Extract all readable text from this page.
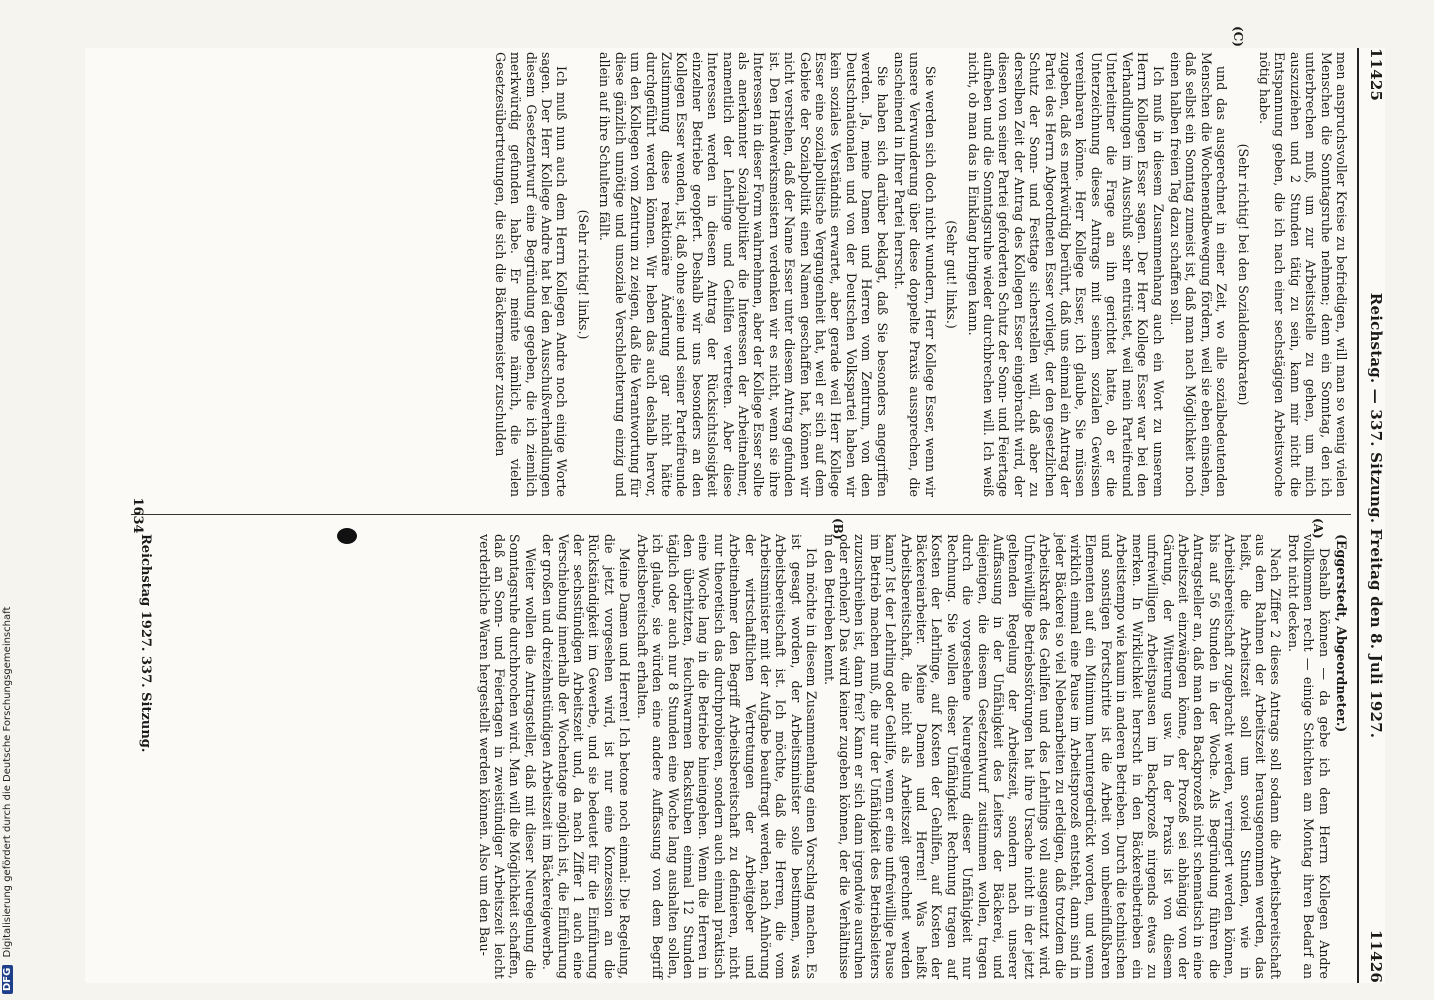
11425
Reichstag. — 337. Sitzung. Freitag den 8. Juli 1927.
11426
(C)
(A)
(B)

men anspruchsvoller Kreise zu befriedigen, will man so wenig vielen Menschen die Sonntagsruhe nehmen; denn ein Sonntag, den ich unterbrechen muß, um zur Arbeitsstelle zu gehen, um mich auszuziehen und 2 Stunden tätig zu sein, kann mir nicht die Entspannung geben, die ich nach einer sechstägigen Arbeitswoche nötig habe.

(Sehr richtig! bei den Sozialdemokraten)

und das ausgerechnet in einer Zeit, wo alle sozialbedeutenden Menschen die Wochenendbewegung fördern, weil sie eben einsehen, daß selbst ein Sonntag zumeist ist, daß man nach Möglichkeit noch einen halben freien Tag dazu schaffen soll.

Ich muß in diesem Zusammenhang auch ein Wort zu unserem Herrn Kollegen Esser sagen. Der Herr Kollege Esser war bei den Verhandlungen im Ausschuß sehr entrüstet, weil mein Parteifreund Unterleitner die Frage an ihn gerichtet hatte, ob er die Unterzeichnung dieses Antrags mit seinem sozialen Gewissen vereinbaren könne. Herr Kollege Esser, ich glaube, Sie müssen zugeben, daß es merkwürdig berührt, daß uns einmal ein Antrag der Partei des Herrn Abgeordneten Esser vorliegt, der den gesetzlichen Schutz der Sonn- und Festtage sicherstellen will, daß aber zu derselben Zeit der Antrag des Kollegen Esser eingebracht wird, der diesen von seiner Partei geforderten Schutz der Sonn- und Feiertage aufheben und die Sonntagsruhe wieder durchbrechen will. Ich weiß nicht, ob man das in Einklang bringen kann.

(Sehr gut! links.)

Sie werden sich doch nicht wundern, Herr Kollege Esser, wenn wir unsere Verwunderung über diese doppelte Praxis aussprechen, die anscheinend in Ihrer Partei herrscht.

Sie haben sich darüber beklagt, daß Sie besonders angegriffen werden. Ja, meine Damen und Herren vom Zentrum, von den Deutschnationalen und von der Deutschen Volkspartei haben wir kein soziales Verständnis erwartet, aber gerade weil Herr Kollege Esser eine sozialpolitische Vergangenheit hat, weil er sich auf dem Gebiete der Sozialpolitik einen Namen geschaffen hat, können wir nicht verstehen, daß der Name Esser unter diesem Antrag gefunden ist. Den Handwerksmeistern verdenken wir es nicht, wenn sie ihre Interessen in dieser Form wahrnehmen, aber der Kollege Esser sollte als anerkannter Sozialpolitiker die Interessen der Arbeitnehmer, namentlich der Lehrlinge und Gehilfen vertreten. Aber diese Interessen werden in diesem Antrag der Rücksichtslosigkeit einzelner Betriebe geopfert. Deshalb wir uns besonders an den Kollegen Esser wenden, ist, daß ohne seine und seiner Parteifreunde Zustimmung diese reaktionäre Änderung gar nicht hätte durchgeführt werden können. Wir heben das auch deshalb hervor, um den Kollegen vom Zentrum zu zeigen, daß die Verantwortung für diese gänzlich unnötige und unsoziale Verschlechterung einzig und allein auf ihre Schultern fällt.

(Sehr richtig! links.)

Ich muß nun auch dem Herrn Kollegen Andre noch einige Worte sagen. Der Herr Kollege Andre hat bei den Ausschußverhandlungen diesem Gesetzentwurf eine Begründung gegeben, die ich ziemlich merkwürdig gefunden habe. Er meinte nämlich, die vielen Gesetzesübertretungen, die sich die Bäckermeister zuschulden

(Eggerstedt, Abgeordneter.)

Deshalb können — da gebe ich dem Herrn Kollegen Andre vollkommen recht — einige Schichten am Montag ihren Bedarf an Brot nicht decken.

Nach Ziffer 2 dieses Antrags soll sodann die Arbeitsbereitschaft aus dem Rahmen der Arbeitszeit herausgenommen werden, das heißt, die Arbeitszeit soll um soviel Stunden, wie in Arbeitsbereitschaft zugebracht werden, verringert werden können, bis auf 56 Stunden in der Woche. Als Begründung führen die Antragsteller an, daß man den Backprozeß nicht schematisch in eine Arbeitszeit einzwängen könne, der Prozeß sei abhängig von der Gärung, der Witterung usw. In der Praxis ist von diesem unfreiwilligen Arbeitspausen im Backprozeß nirgends etwas zu merken. In Wirklichkeit herrscht in den Bäckereibetrieben ein Arbeitstempo wie kaum in anderen Betrieben. Durch die technischen und sonstigen Fortschritte ist die Arbeit von unbeeinflußbaren Elementen auf ein Minimum heruntergedrückt worden, und wenn wirklich einmal eine Pause im Arbeitsprozeß entsteht, dann sind in jeder Bäckerei so viel Nebenarbeiten zu erledigen, daß trotzdem die Arbeitskraft des Gehilfen und des Lehrlings voll ausgenutzt wird. Unfreiwillige Betriebsstörungen hat ihre Ursache nicht in der jetzt geltenden Regelung der Arbeitszeit, sondern nach unserer Auffassung in der Unfähigkeit des Leiters der Bäckerei, und diejenigen, die diesem Gesetzentwurf zustimmen wollen, tragen durch die vorgesehene Neuregelung dieser Unfähigkeit nur Rechnung. Sie wollen dieser Unfähigkeit Rechnung tragen auf Kosten der Lehrlinge, auf Kosten der Gehilfen, auf Kosten der Bäckereiarbeiter. Meine Damen und Herren! Was heißt Arbeitsbereitschaft, die nicht als Arbeitszeit gerechnet werden kann? Ist der Lehrling oder Gehilfe, wenn er eine unfreiwillige Pause im Betrieb machen muß, die nur der Unfähigkeit des Betriebsleiters zuzuschreiben ist, dann frei? Kann er sich dann irgendwie ausruhen oder erholen? Das wird keiner zugeben können, der die Verhältnisse in den Betrieben kennt.

Ich möchte in diesem Zusammenhang einen Vorschlag machen. Es ist gesagt worden, der Arbeitsminister solle bestimmen, was Arbeitsbereitschaft ist. Ich möchte, daß die Herren, die vom Arbeitsminister mit der Aufgabe beauftragt werden, nach Anhörung der wirtschaftlichen Vertretungen der Arbeitgeber und Arbeitnehmer den Begriff Arbeitsbereitschaft zu definieren, nicht nur theoretisch das durchprobieren, sondern auch einmal praktisch eine Woche lang in die Betriebe hineingehen. Wenn die Herren in den überhitzten, feuchtwarmen Backstuben einmal 12 Stunden täglich oder auch nur 8 Stunden eine Woche lang aushalten sollen, ich glaube, sie würden eine andere Auffassung von dem Begriff Arbeitsbereitschaft erhalten.

Meine Damen und Herren! Ich betone noch einmal: Die Regelung, die jetzt vorgesehen wird, ist nur eine Konzession an die Rückständigkeit im Gewerbe, und sie bedeutet für die Einführung der sechsstündigen Arbeitszeit und, da nach Ziffer 1 auch eine Verschiebung innerhalb der Wochentage möglich ist, die Einführung der großen und dreizehnstündigen Arbeitszeit im Bäckereigewerbe.

Weiter wollen die Antragsteller, daß mit dieser Neuregelung die Sonntagsruhe durchbrochen wird. Man will die Möglichkeit schaffen, daß an Sonn- und Feiertagen in zweistündiger Arbeitszeit leicht verderbliche Waren hergestellt werden können. Also um den Bau-

Reichstag 1927. 337. Sitzung.
1634
DFG Digitalisierung gefördert durch die Deutsche Forschungsgemeinschaft
